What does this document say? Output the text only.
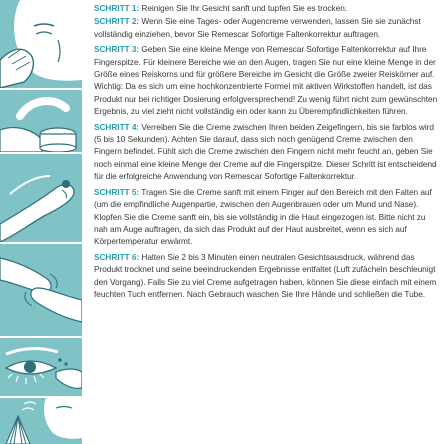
SCHRITT 1: Reinigen Sie Ihr Gesicht sanft und tupfen Sie es trocken.

SCHRITT 2: Wenn Sie eine Tages- oder Augencreme verwenden, lassen Sie sie zunächst vollständig einziehen, bevor Sie Remescar Sofortige Faltenkorrektur auftragen.

SCHRITT 3: Geben Sie eine kleine Menge von Remescar Sofortige Faltenkorrektur auf Ihre Fingerspitze. Für kleinere Bereiche wie an den Augen, tragen Sie nur eine kleine Menge in der Größe eines Reiskorns und für größere Bereiche im Gesicht die Größe zweier Reiskörner auf. Wichtig: Da es sich um eine hochkonzentrierte Formel mit aktiven Wirkstoffen handelt, ist das Produkt nur bei richtiger Dosierung erfolgversprechend! Zu wenig führt nicht zum gewünschten Ergebnis, zu viel zieht nicht vollständig ein oder kann zu Überempfindlichkeiten führen.

SCHRITT 4: Verreiben Sie die Creme zwischen Ihren beiden Zeigefingern, bis sie farblos wird (5 bis 10 Sekunden). Achten Sie darauf, dass sich noch genügend Creme zwischen den Fingern befindet. Fühlt sich die Creme zwischen den Fingern nicht mehr feucht an, geben Sie noch einmal eine kleine Menge der Creme auf die Fingerspitze. Dieser Schritt ist entscheidend für die erfolgreiche Anwendung von Remescar Sofortige Faltenkorrektur.

SCHRITT 5: Tragen Sie die Creme sanft mit einem Finger auf den Bereich mit den Falten auf (um die empfindliche Augenpartie, zwischen den Augenbrauen oder um Mund und Nase). Klopfen Sie die Creme sanft ein, bis sie vollständig in die Haut eingezogen ist. Bitte nicht zu nah am Auge auftragen, da sich das Produkt auf der Haut ausbreitet, wenn es sich auf Körpertemperatur erwärmt.

SCHRITT 6: Halten Sie 2 bis 3 Minuten einen neutralen Gesichtsausdruck, während das Produkt trocknet und seine beeindruckenden Ergebnisse entfaltet (Luft zufächeln beschleunigt den Vorgang). Falls Sie zu viel Creme aufgetragen haben, können Sie diese einfach mit einem feuchten Tuch entfernen. Nach Gebrauch waschen Sie Ihre Hände und schließen die Tube.
